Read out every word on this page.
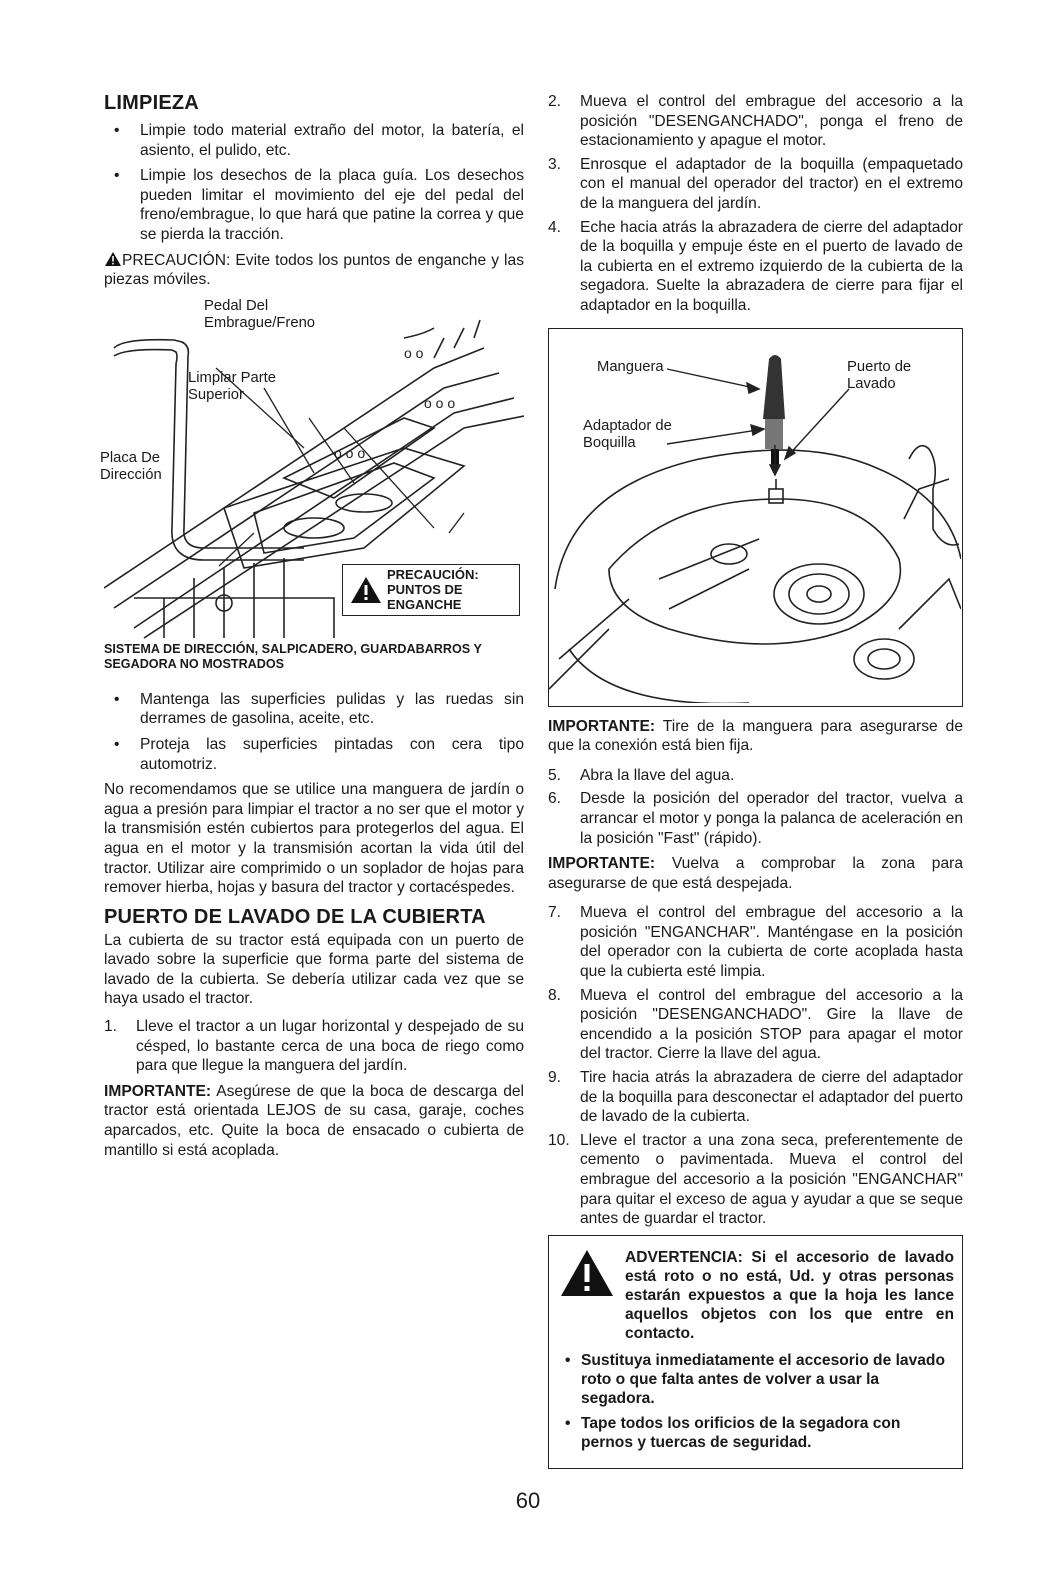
LIMPIEZA
• Limpie todo material extraño del motor, la batería, el asiento, el pulido, etc.
• Limpie los desechos de la placa guía. Los desechos pueden limitar el movimiento del eje del pedal del freno/embrague, lo que hará que patine la correa y que se pierda la tracción.

PRECAUCIÓN: Evite todos los puntos de enganche y las piezas móviles.

o o o
o o o
o o
Pedal Del Embrague/Freno
Limpiar Parte Superior
Placa De Dirección
PRECAUCIÓN: PUNTOS DE ENGANCHE

SISTEMA DE DIRECCIÓN, SALPICADERO, GUARDABARROS Y SEGADORA NO MOSTRADOS

• Mantenga las superficies pulidas y las ruedas sin derrames de gasolina, aceite, etc.
• Proteja las superficies pintadas con cera tipo automotriz.

No recomendamos que se utilice una manguera de jardín o agua a presión para limpiar el tractor a no ser que el motor y la transmisión estén cubiertos para protegerlos del agua. El agua en el motor y la transmisión acortan la vida útil del tractor. Utilizar aire comprimido o un soplador de hojas para remover hierba, hojas y basura del tractor y cortacéspedes.

PUERTO DE LAVADO DE LA CUBIERTA

La cubierta de su tractor está equipada con un puerto de lavado sobre la superficie que forma parte del sistema de lavado de la cubierta. Se debería utilizar cada vez que se haya usado el tractor.

1. Lleve el tractor a un lugar horizontal y despejado de su césped, lo bastante cerca de una boca de riego como para que llegue la manguera del jardín.

IMPORTANTE: Asegúrese de que la boca de descarga del tractor está orientada LEJOS de su casa, garaje, coches aparcados, etc. Quite la boca de ensacado o cubierta de mantillo si está acoplada.

2. Mueva el control del embrague del accesorio a la posición "DESENGANCHADO", ponga el freno de estacionamiento y apague el motor.
3. Enrosque el adaptador de la boquilla (empaquetado con el manual del operador del tractor) en el extremo de la manguera del jardín.
4. Eche hacia atrás la abrazadera de cierre del adaptador de la boquilla y empuje éste en el puerto de lavado de la cubierta en el extremo izquierdo de la cubierta de la segadora. Suelte la abrazadera de cierre para fijar el adaptador en la boquilla.
Manguera
Adaptador de Boquilla
Puerto de Lavado

IMPORTANTE: Tire de la manguera para asegurarse de que la conexión está bien fija.

5. Abra la llave del agua.
6. Desde la posición del operador del tractor, vuelva a arrancar el motor y ponga la palanca de aceleración en la posición "Fast" (rápido).

IMPORTANTE: Vuelva a comprobar la zona para asegurarse de que está despejada.

7. Mueva el control del embrague del accesorio a la posición "ENGANCHAR". Manténgase en la posición del operador con la cubierta de corte acoplada hasta que la cubierta esté limpia.
8. Mueva el control del embrague del accesorio a la posición "DESENGANCHADO". Gire la llave de encendido a la posición STOP para apagar el motor del tractor. Cierre la llave del agua.
9. Tire hacia atrás la abrazadera de cierre del adaptador de la boquilla para desconectar el adaptador del puerto de lavado de la cubierta.
10. Lleve el tractor a una zona seca, preferentemente de cemento o pavimentada. Mueva el control del embrague del accesorio a la posición "ENGANCHAR" para quitar el exceso de agua y ayudar a que se seque antes de guardar el tractor.

ADVERTENCIA: Si el accesorio de lavado está roto o no está, Ud. y otras personas estarán expuestos a que la hoja les lance aquellos objetos con los que entre en contacto.

• Sustituya inmediatamente el accesorio de lavado roto o que falta antes de volver a usar la segadora.
• Tape todos los orificios de la segadora con pernos y tuercas de seguridad.
60
